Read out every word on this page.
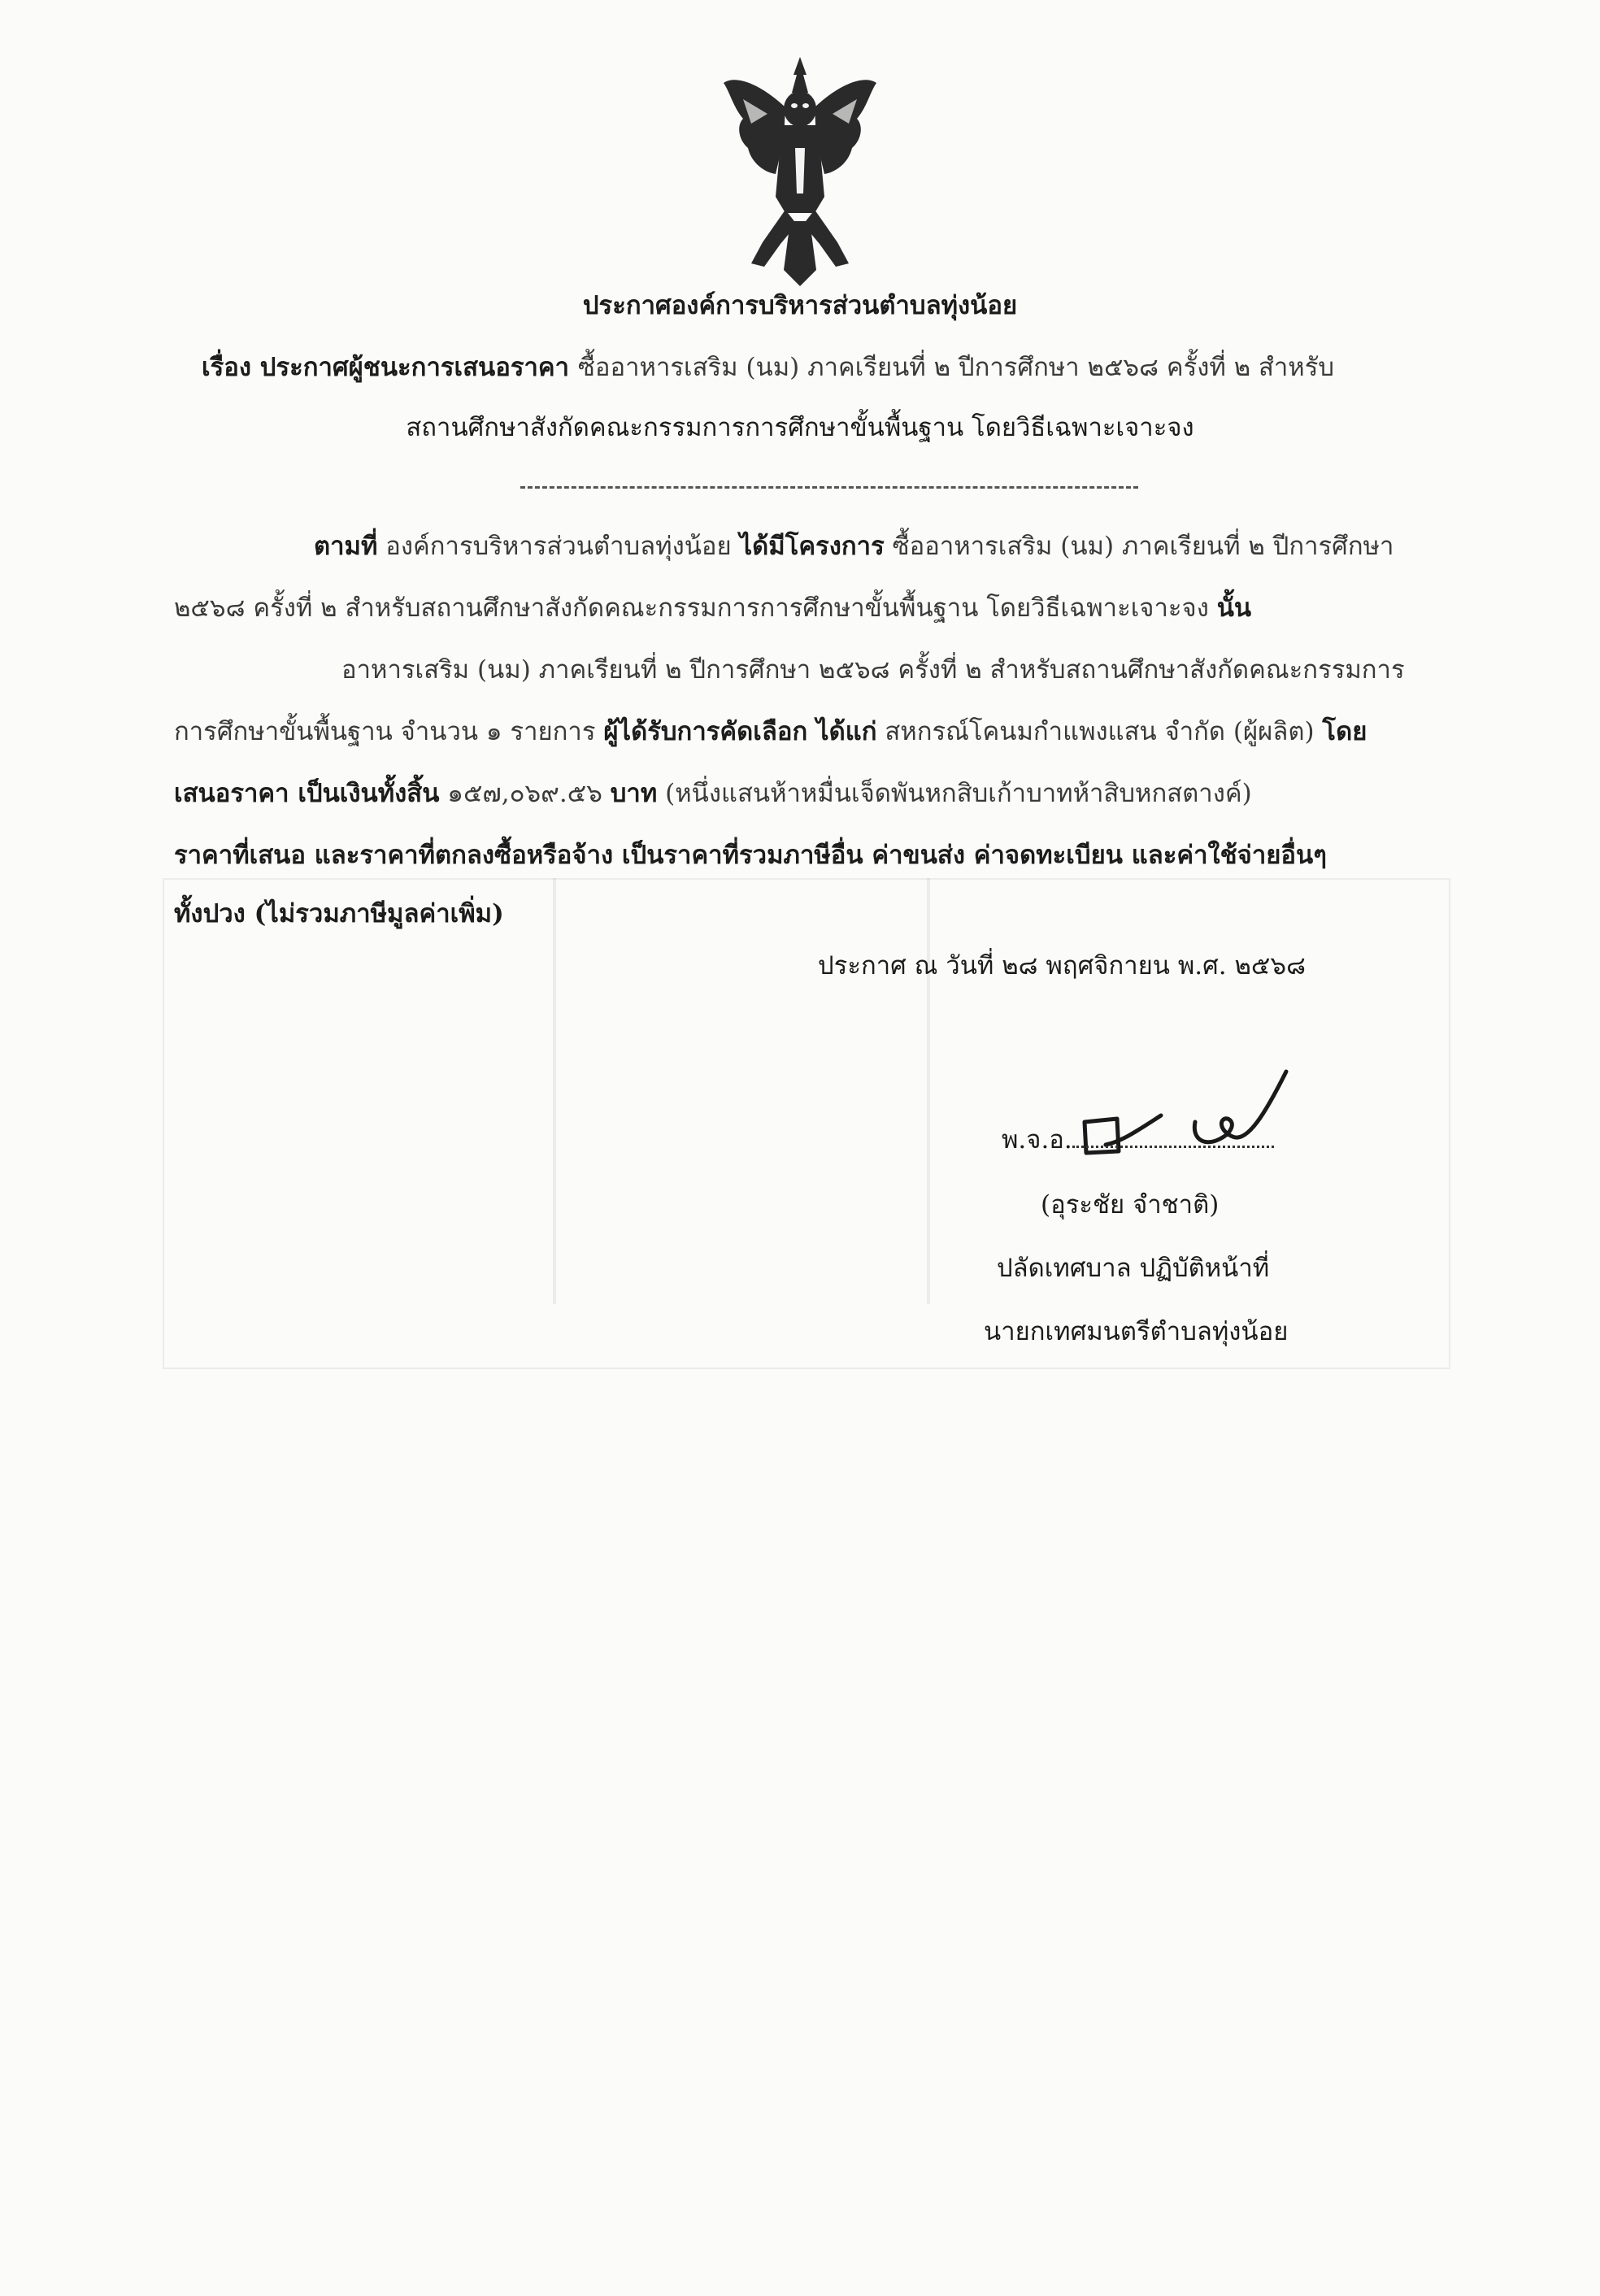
ประกาศองค์การบริหารส่วนตำบลทุ่งน้อย
เรื่อง ประกาศผู้ชนะการเสนอราคา ซื้ออาหารเสริม (นม) ภาคเรียนที่ ๒ ปีการศึกษา ๒๕๖๘ ครั้งที่ ๒ สำหรับ
สถานศึกษาสังกัดคณะกรรมการการศึกษาขั้นพื้นฐาน โดยวิธีเฉพาะเจาะจง
ตามที่ องค์การบริหารส่วนตำบลทุ่งน้อย ได้มีโครงการ ซื้ออาหารเสริม (นม) ภาคเรียนที่ ๒ ปีการศึกษา
๒๕๖๘ ครั้งที่ ๒ สำหรับสถานศึกษาสังกัดคณะกรรมการการศึกษาขั้นพื้นฐาน โดยวิธีเฉพาะเจาะจง นั้น
อาหารเสริม (นม) ภาคเรียนที่ ๒ ปีการศึกษา ๒๕๖๘ ครั้งที่ ๒ สำหรับสถานศึกษาสังกัดคณะกรรมการ
การศึกษาขั้นพื้นฐาน จำนวน ๑ รายการ ผู้ได้รับการคัดเลือก ได้แก่ สหกรณ์โคนมกำแพงแสน จำกัด (ผู้ผลิต) โดย
เสนอราคา เป็นเงินทั้งสิ้น ๑๕๗,๐๖๙.๕๖ บาท (หนึ่งแสนห้าหมื่นเจ็ดพันหกสิบเก้าบาทห้าสิบหกสตางค์)
ราคาที่เสนอ และราคาที่ตกลงซื้อหรือจ้าง เป็นราคาที่รวมภาษีอื่น ค่าขนส่ง ค่าจดทะเบียน และค่าใช้จ่ายอื่นๆ
ทั้งปวง (ไม่รวมภาษีมูลค่าเพิ่ม)
ประกาศ ณ วันที่ ๒๘ พฤศจิกายน พ.ศ. ๒๕๖๘
พ.จ.อ.
(อุระชัย จำชาติ)
ปลัดเทศบาล ปฏิบัติหน้าที่
นายกเทศมนตรีตำบลทุ่งน้อย
